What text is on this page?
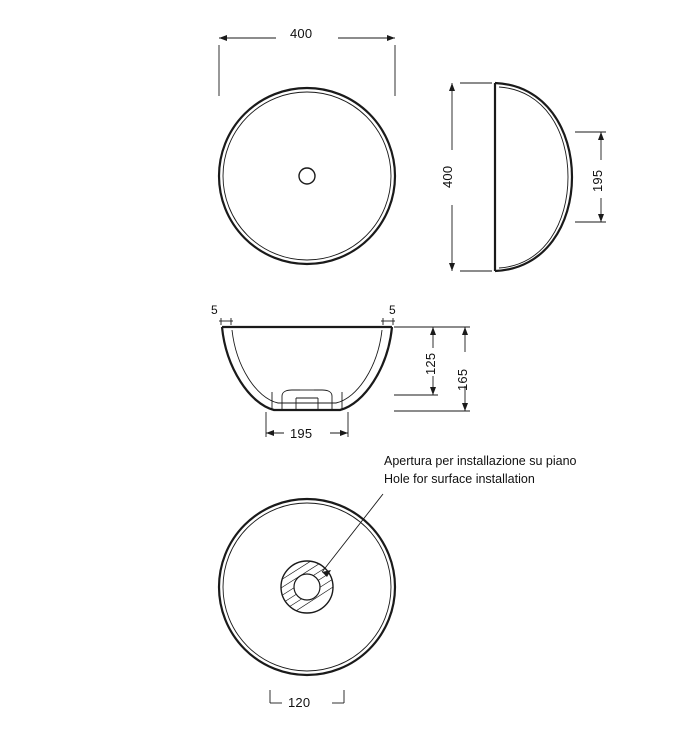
400
400	195
5	5
125
165
195
Apertura per installazione su piano
Hole for surface installation
120
